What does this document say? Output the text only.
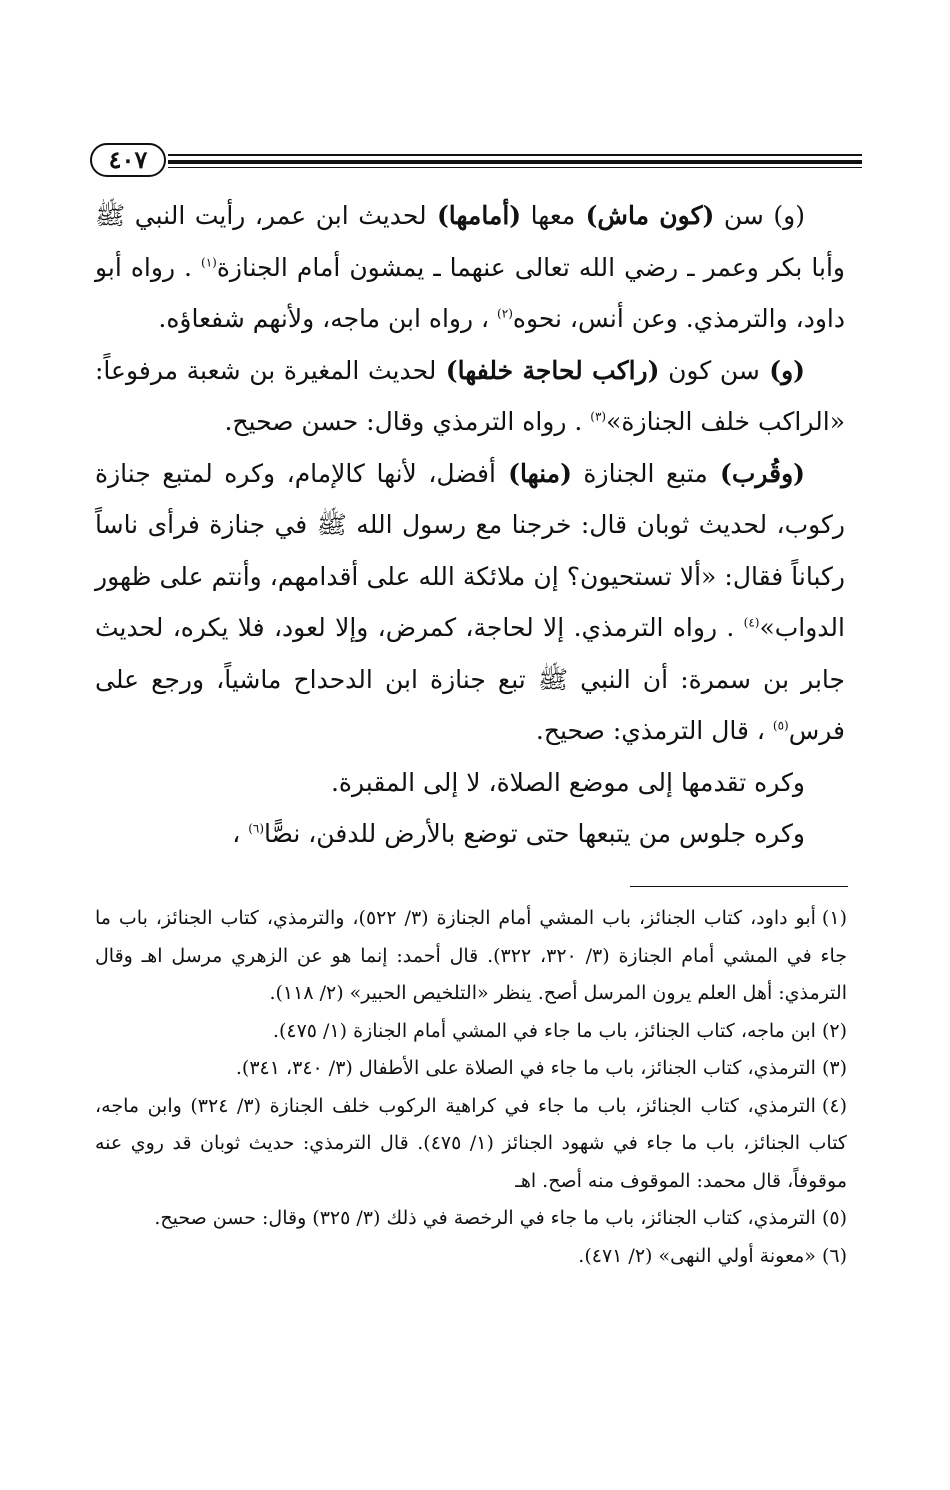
٤٠٧

(و) سن (كون ماش) معها (أمامها) لحديث ابن عمر، رأيت النبي ﷺ وأبا بكر وعمر ـ رضي الله تعالى عنهما ـ يمشون أمام الجنازة$^{(١)}$ . رواه أبو داود، والترمذي. وعن أنس، نحوه$^{(٢)}$ ، رواه ابن ماجه، ولأنهم شفعاؤه.

(و) سن كون (راكب لحاجة خلفها) لحديث المغيرة بن شعبة مرفوعاً: «الراكب خلف الجنازة»$^{(٣)}$ . رواه الترمذي وقال: حسن صحيح.

(وقُرب) متبع الجنازة (منها) أفضل، لأنها كالإمام، وكره لمتبع جنازة ركوب، لحديث ثوبان قال: خرجنا مع رسول الله ﷺ في جنازة فرأى ناساً ركباناً فقال: «ألا تستحيون؟ إن ملائكة الله على أقدامهم، وأنتم على ظهور الدواب»$^{(٤)}$ . رواه الترمذي. إلا لحاجة، كمرض، وإلا لعود، فلا يكره، لحديث جابر بن سمرة: أن النبي ﷺ تبع جنازة ابن الدحداح ماشياً، ورجع على فرس$^{(٥)}$ ، قال الترمذي: صحيح.

وكره تقدمها إلى موضع الصلاة، لا إلى المقبرة.

وكره جلوس من يتبعها حتى توضع بالأرض للدفن، نصًّا$^{(٦)}$ ،

(١)أبو داود، كتاب الجنائز، باب المشي أمام الجنازة (٣/ ٥٢٢)، والترمذي، كتاب الجنائز، باب ما جاء في المشي أمام الجنازة (٣/ ٣٢٠، ٣٢٢). قال أحمد: إنما هو عن الزهري مرسل اهـ وقال الترمذي: أهل العلم يرون المرسل أصح. ينظر «التلخيص الحبير» (٢/ ١١٨).
(٢)ابن ماجه، كتاب الجنائز، باب ما جاء في المشي أمام الجنازة (١/ ٤٧٥).
(٣)الترمذي، كتاب الجنائز، باب ما جاء في الصلاة على الأطفال (٣/ ٣٤٠، ٣٤١).
(٤)الترمذي، كتاب الجنائز، باب ما جاء في كراهية الركوب خلف الجنازة (٣/ ٣٢٤) وابن ماجه، كتاب الجنائز، باب ما جاء في شهود الجنائز (١/ ٤٧٥). قال الترمذي: حديث ثوبان قد روي عنه موقوفاً، قال محمد: الموقوف منه أصح. اهـ
(٥)الترمذي، كتاب الجنائز، باب ما جاء في الرخصة في ذلك (٣/ ٣٢٥) وقال: حسن صحيح.
(٦)«معونة أولي النهى» (٢/ ٤٧١).
